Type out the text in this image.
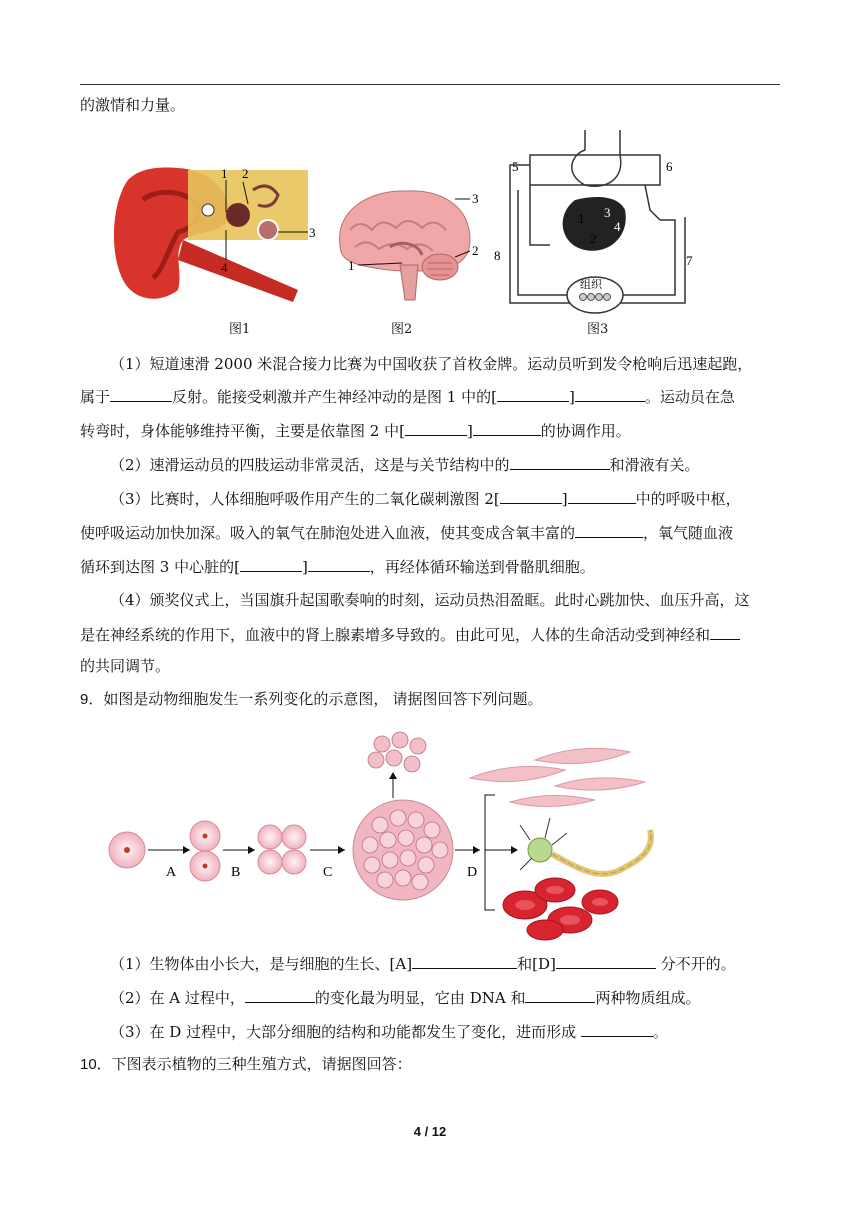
的激情和力量。

1 2
3
4
图1
3
2
1
图2
组织
1
2
3
4
5	6
7
8
图3

（1）短道速滑 2000 米混合接力比赛为中国收获了首枚金牌。运动员听到发令枪响后迅速起跑，

属于	反射。能接受刺激并产生神经冲动的是图 1 中的[	]	。运动员在急

转弯时，身体能够维持平衡，主要是依靠图 2 中[	]	的协调作用。

（2）速滑运动员的四肢运动非常灵活，这是与关节结构中的	和滑液有关。

（3）比赛时，人体细胞呼吸作用产生的二氧化碳刺激图 2[	]	中的呼吸中枢，

使呼吸运动加快加深。吸入的氧气在肺泡处进入血液，使其变成含氧丰富的	，氧气随血液

循环到达图 3 中心脏的[	]	，再经体循环输送到骨骼肌细胞。

（4）颁奖仪式上，当国旗升起国歌奏响的时刻，运动员热泪盈眶。此时心跳加快、血压升高，这

是在神经系统的作用下，血液中的肾上腺素增多导致的。由此可见，人体的生命活动受到神经和

的共同调节。

9．如图是动物细胞发生一系列变化的示意图， 请据图回答下列问题。

A	B	C	D

（1）生物体由小长大，是与细胞的生长、[A]	和[D]	分不开的。

（2）在 A 过程中，	的变化最为明显，它由 DNA 和	两种物质组成。

（3）在 D 过程中，大部分细胞的结构和功能都发生了变化，进而形成	。

10．下图表示植物的三种生殖方式，请据图回答：

4 / 12
